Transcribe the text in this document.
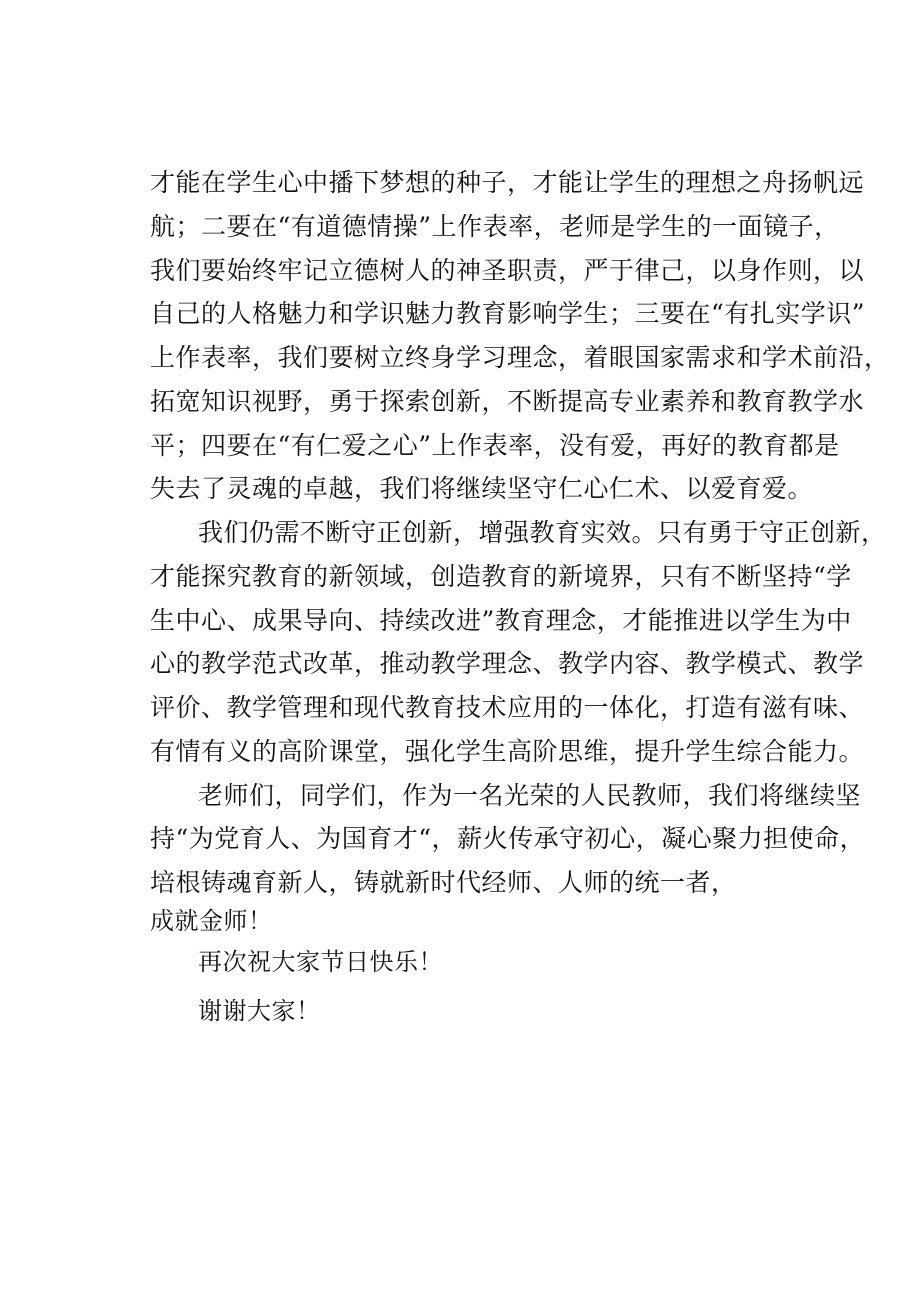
才能在学生心中播下梦想的种子，才能让学生的理想之舟扬帆远
航；二要在“有道德情操”上作表率，老师是学生的一面镜子，
我们要始终牢记立德树人的神圣职责，严于律己，以身作则，以
自己的人格魅力和学识魅力教育影响学生；三要在“有扎实学识”
上作表率，我们要树立终身学习理念，着眼国家需求和学术前沿，
拓宽知识视野，勇于探索创新，不断提高专业素养和教育教学水
平；四要在“有仁爱之心”上作表率，没有爱，再好的教育都是
失去了灵魂的卓越，我们将继续坚守仁心仁术、以爱育爱。
我们仍需不断守正创新，增强教育实效。只有勇于守正创新，
才能探究教育的新领域，创造教育的新境界，只有不断坚持“学
生中心、成果导向、持续改进”教育理念，才能推进以学生为中
心的教学范式改革，推动教学理念、教学内容、教学模式、教学
评价、教学管理和现代教育技术应用的一体化，打造有滋有味、
有情有义的高阶课堂，强化学生高阶思维，提升学生综合能力。
老师们，同学们，作为一名光荣的人民教师，我们将继续坚
持“为党育人、为国育才“，薪火传承守初心，凝心聚力担使命，
培根铸魂育新人，铸就新时代经师、人师的统一者，
成就金师！
再次祝大家节日快乐！
谢谢大家！
